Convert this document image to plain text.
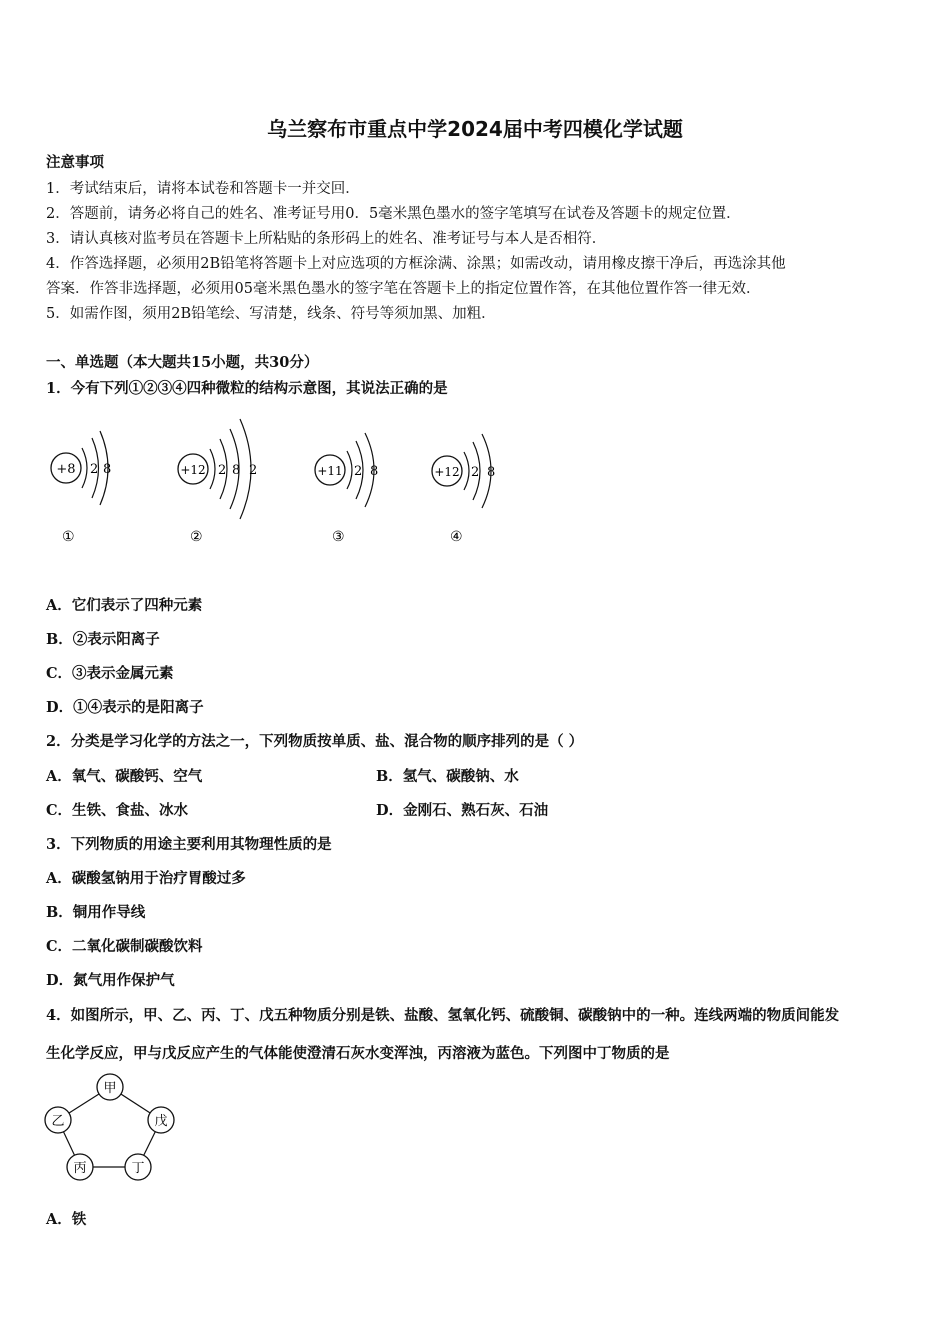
乌兰察布市重点中学2024届中考四模化学试题
注意事项
1．考试结束后，请将本试卷和答题卡一并交回．
2．答题前，请务必将自己的姓名、准考证号用0．5毫米黑色墨水的签字笔填写在试卷及答题卡的规定位置．
3．请认真核对监考员在答题卡上所粘贴的条形码上的姓名、准考证号与本人是否相符．
4．作答选择题，必须用2B铅笔将答题卡上对应选项的方框涂满、涂黑；如需改动，请用橡皮擦干净后，再选涂其他
答案．作答非选择题，必须用05毫米黑色墨水的签字笔在答题卡上的指定位置作答，在其他位置作答一律无效．
5．如需作图，须用2B铅笔绘、写清楚，线条、符号等须加黑、加粗．
一、单选题（本大题共15小题，共30分）
1．今有下列①②③④四种微粒的结构示意图，其说法正确的是
+8 2 8
①
+12 2 8 2
②
+11 2 8
③
+12 2 8
④
A．它们表示了四种元素
B．②表示阳离子
C．③表示金属元素
D．①④表示的是阳离子
2．分类是学习化学的方法之一，下列物质按单质、盐、混合物的顺序排列的是（ ）
A．氧气、碳酸钙、空气	B．氢气、碳酸钠、水
C．生铁、食盐、冰水	D．金刚石、熟石灰、石油
3．下列物质的用途主要利用其物理性质的是
A．碳酸氢钠用于治疗胃酸过多
B．铜用作导线
C．二氧化碳制碳酸饮料
D．氮气用作保护气
4．如图所示，甲、乙、丙、丁、戊五种物质分别是铁、盐酸、氢氧化钙、硫酸铜、碳酸钠中的一种。连线两端的物质间能发
生化学反应，甲与戊反应产生的气体能使澄清石灰水变浑浊，丙溶液为蓝色。下列图中丁物质的是
甲
乙	戊
丙	丁
A．铁
